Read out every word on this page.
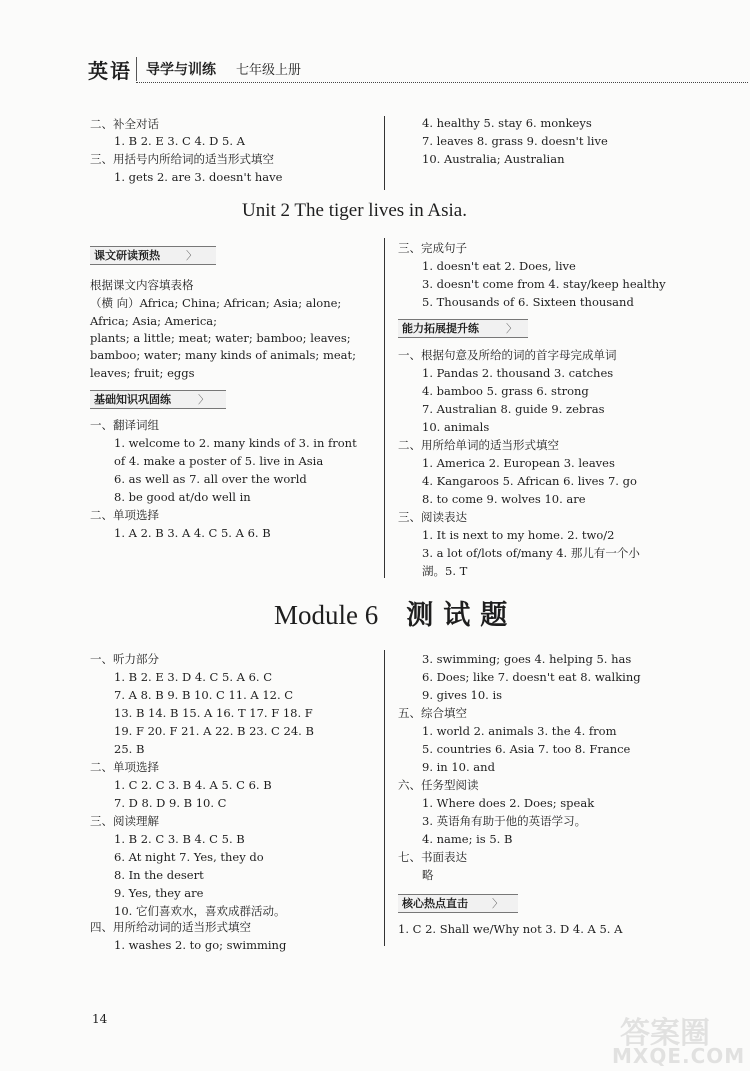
英语 导学与训练 七年级上册
二、补全对话
1. B 2. E 3. C 4. D 5. A
三、用括号内所给词的适当形式填空
1. gets 2. are 3. doesn't have
4. healthy 5. stay 6. monkeys
7. leaves 8. grass 9. doesn't live
10. Australia; Australian
Unit 2 The tiger lives in Asia.
课文研读预热 〉
根据课文内容填表格
（横 向）Africa; China; African; Asia; alone;
Africa; Asia; America;
plants; a little; meat; water; bamboo; leaves;
bamboo; water; many kinds of animals; meat;
leaves; fruit; eggs
基础知识巩固练 〉
一、翻译词组
1. welcome to 2. many kinds of 3. in front
of 4. make a poster of 5. live in Asia
6. as well as 7. all over the world
8. be good at/do well in
二、单项选择
1. A 2. B 3. A 4. C 5. A 6. B
三、完成句子
1. doesn't eat 2. Does, live
3. doesn't come from 4. stay/keep healthy
5. Thousands of 6. Sixteen thousand
能力拓展提升练 〉
一、根据句意及所给的词的首字母完成单词
1. Pandas 2. thousand 3. catches
4. bamboo 5. grass 6. strong
7. Australian 8. guide 9. zebras
10. animals
二、用所给单词的适当形式填空
1. America 2. European 3. leaves
4. Kangaroos 5. African 6. lives 7. go
8. to come 9. wolves 10. are
三、阅读表达
1. It is next to my home. 2. two/2
3. a lot of/lots of/many 4. 那儿有一个小
湖。5. T
Module 6 测试题
一、听力部分
1. B 2. E 3. D 4. C 5. A 6. C
7. A 8. B 9. B 10. C 11. A 12. C
13. B 14. B 15. A 16. T 17. F 18. F
19. F 20. F 21. A 22. B 23. C 24. B
25. B
二、单项选择
1. C 2. C 3. B 4. A 5. C 6. B
7. D 8. D 9. B 10. C
三、阅读理解
1. B 2. C 3. B 4. C 5. B
6. At night 7. Yes, they do
8. In the desert
9. Yes, they are
10. 它们喜欢水，喜欢成群活动。
四、用所给动词的适当形式填空
1. washes 2. to go; swimming
3. swimming; goes 4. helping 5. has
6. Does; like 7. doesn't eat 8. walking
9. gives 10. is
五、综合填空
1. world 2. animals 3. the 4. from
5. countries 6. Asia 7. too 8. France
9. in 10. and
六、任务型阅读
1. Where does 2. Does; speak
3. 英语角有助于他的英语学习。
4. name; is 5. B
七、书面表达
略
核心热点直击 〉
1. C 2. Shall we/Why not 3. D 4. A 5. A
14	答案圈
MXQE.COM
